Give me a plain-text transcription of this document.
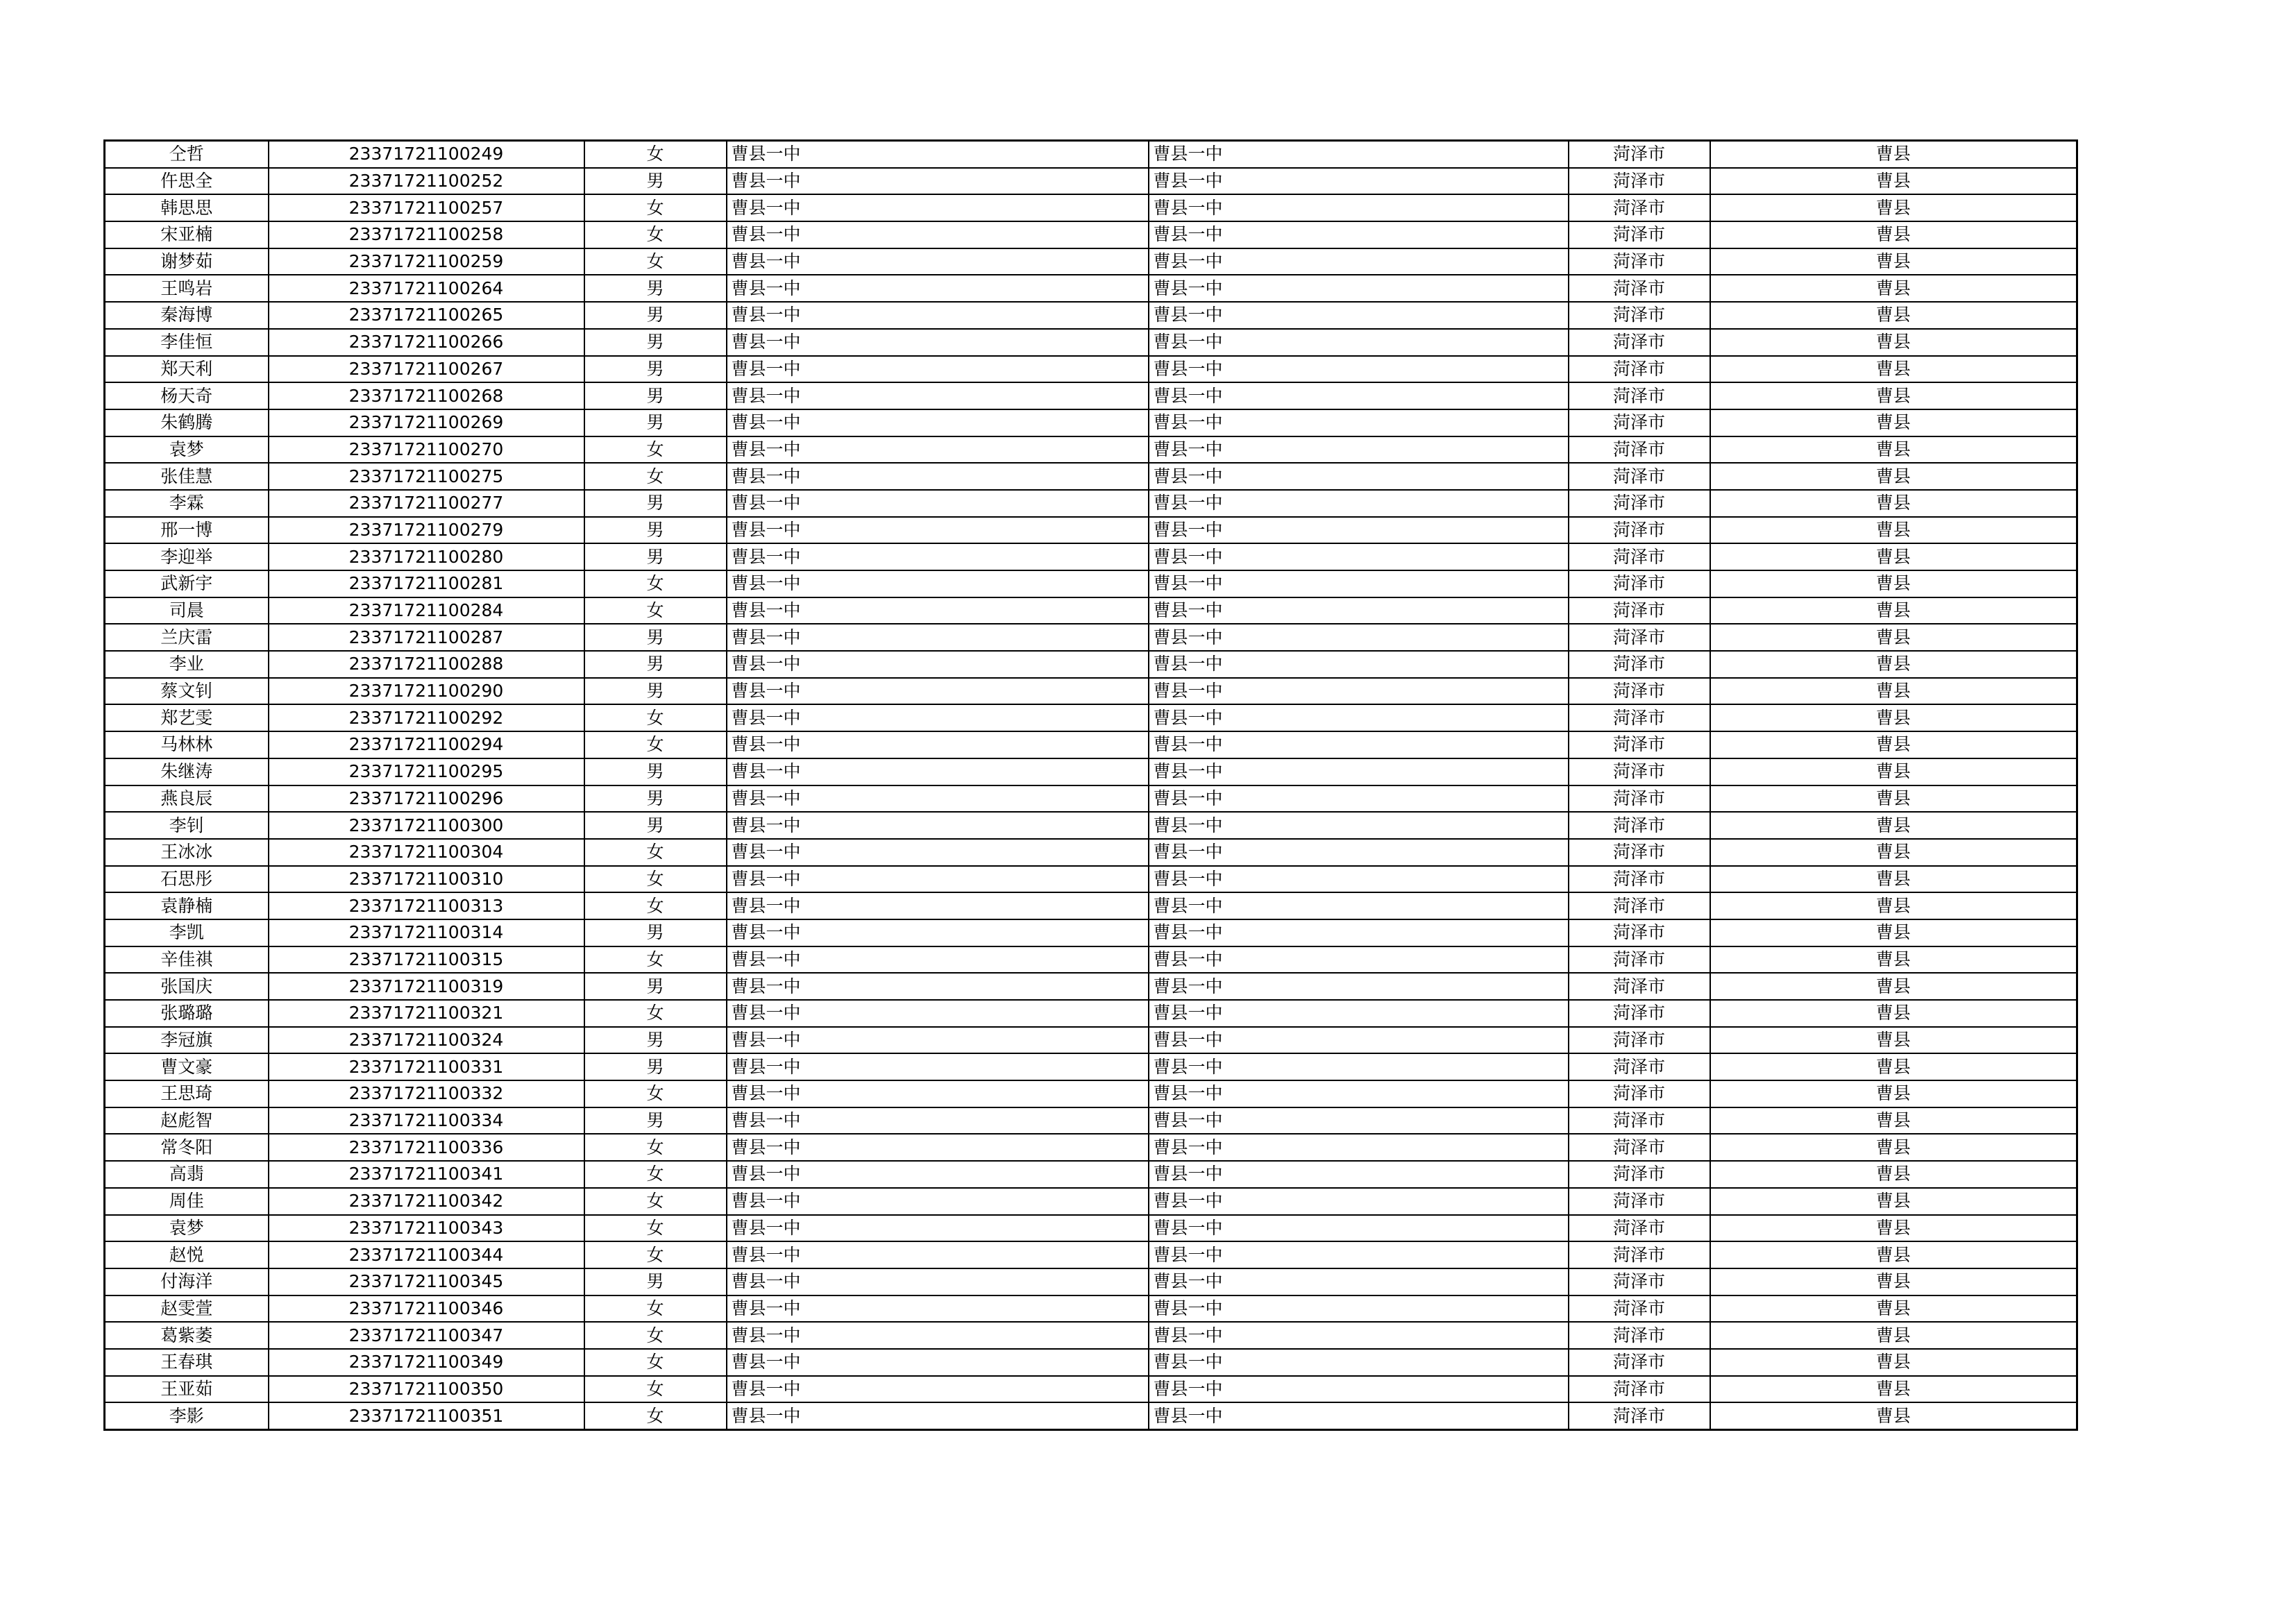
仝哲	23371721100249	女	曹县一中	曹县一中	菏泽市	曹县
仵思全	23371721100252	男	曹县一中	曹县一中	菏泽市	曹县
韩思思	23371721100257	女	曹县一中	曹县一中	菏泽市	曹县
宋亚楠	23371721100258	女	曹县一中	曹县一中	菏泽市	曹县
谢梦茹	23371721100259	女	曹县一中	曹县一中	菏泽市	曹县
王鸣岩	23371721100264	男	曹县一中	曹县一中	菏泽市	曹县
秦海博	23371721100265	男	曹县一中	曹县一中	菏泽市	曹县
李佳恒	23371721100266	男	曹县一中	曹县一中	菏泽市	曹县
郑天利	23371721100267	男	曹县一中	曹县一中	菏泽市	曹县
杨天奇	23371721100268	男	曹县一中	曹县一中	菏泽市	曹县
朱鹤腾	23371721100269	男	曹县一中	曹县一中	菏泽市	曹县
袁梦	23371721100270	女	曹县一中	曹县一中	菏泽市	曹县
张佳慧	23371721100275	女	曹县一中	曹县一中	菏泽市	曹县
李霖	23371721100277	男	曹县一中	曹县一中	菏泽市	曹县
邢一博	23371721100279	男	曹县一中	曹县一中	菏泽市	曹县
李迎举	23371721100280	男	曹县一中	曹县一中	菏泽市	曹县
武新宇	23371721100281	女	曹县一中	曹县一中	菏泽市	曹县
司晨	23371721100284	女	曹县一中	曹县一中	菏泽市	曹县
兰庆雷	23371721100287	男	曹县一中	曹县一中	菏泽市	曹县
李业	23371721100288	男	曹县一中	曹县一中	菏泽市	曹县
蔡文钊	23371721100290	男	曹县一中	曹县一中	菏泽市	曹县
郑艺雯	23371721100292	女	曹县一中	曹县一中	菏泽市	曹县
马林林	23371721100294	女	曹县一中	曹县一中	菏泽市	曹县
朱继涛	23371721100295	男	曹县一中	曹县一中	菏泽市	曹县
燕良辰	23371721100296	男	曹县一中	曹县一中	菏泽市	曹县
李钊	23371721100300	男	曹县一中	曹县一中	菏泽市	曹县
王冰冰	23371721100304	女	曹县一中	曹县一中	菏泽市	曹县
石思彤	23371721100310	女	曹县一中	曹县一中	菏泽市	曹县
袁静楠	23371721100313	女	曹县一中	曹县一中	菏泽市	曹县
李凯	23371721100314	男	曹县一中	曹县一中	菏泽市	曹县
辛佳祺	23371721100315	女	曹县一中	曹县一中	菏泽市	曹县
张国庆	23371721100319	男	曹县一中	曹县一中	菏泽市	曹县
张璐璐	23371721100321	女	曹县一中	曹县一中	菏泽市	曹县
李冠旗	23371721100324	男	曹县一中	曹县一中	菏泽市	曹县
曹文豪	23371721100331	男	曹县一中	曹县一中	菏泽市	曹县
王思琦	23371721100332	女	曹县一中	曹县一中	菏泽市	曹县
赵彪智	23371721100334	男	曹县一中	曹县一中	菏泽市	曹县
常冬阳	23371721100336	女	曹县一中	曹县一中	菏泽市	曹县
高翡	23371721100341	女	曹县一中	曹县一中	菏泽市	曹县
周佳	23371721100342	女	曹县一中	曹县一中	菏泽市	曹县
袁梦	23371721100343	女	曹县一中	曹县一中	菏泽市	曹县
赵悦	23371721100344	女	曹县一中	曹县一中	菏泽市	曹县
付海洋	23371721100345	男	曹县一中	曹县一中	菏泽市	曹县
赵雯萱	23371721100346	女	曹县一中	曹县一中	菏泽市	曹县
葛紫萎	23371721100347	女	曹县一中	曹县一中	菏泽市	曹县
王春琪	23371721100349	女	曹县一中	曹县一中	菏泽市	曹县
王亚茹	23371721100350	女	曹县一中	曹县一中	菏泽市	曹县
李影	23371721100351	女	曹县一中	曹县一中	菏泽市	曹县
